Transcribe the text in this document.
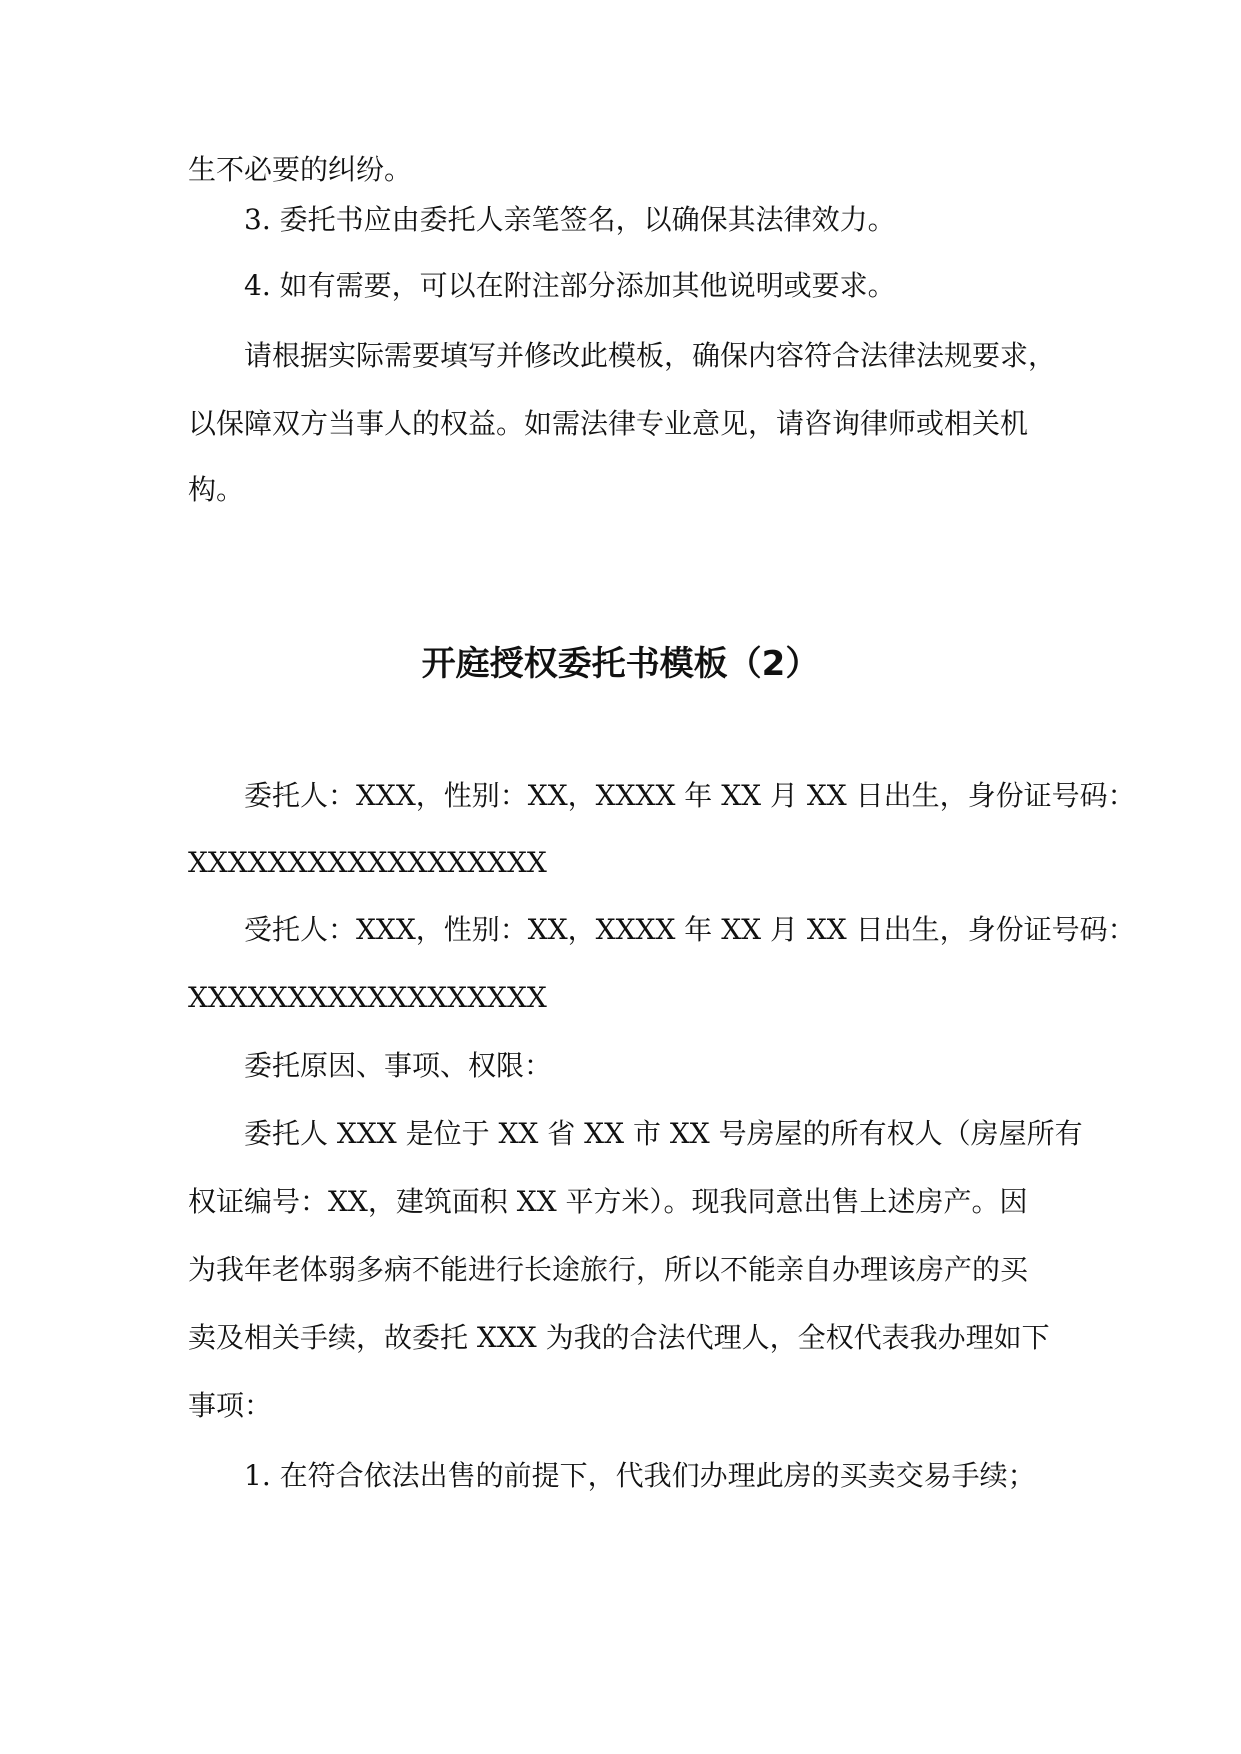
生不必要的纠纷。

3. 委托书应由委托人亲笔签名，以确保其法律效力。

4. 如有需要，可以在附注部分添加其他说明或要求。

请根据实际需要填写并修改此模板，确保内容符合法律法规要求，

以保障双方当事人的权益。如需法律专业意见，请咨询律师或相关机

构。

开庭授权委托书模板（2）

委托人：XXX，性别：XX，XXXX 年 XX 月 XX 日出生，身份证号码：

XXXXXXXXXXXXXXXXXX

受托人：XXX，性别：XX，XXXX 年 XX 月 XX 日出生，身份证号码：

XXXXXXXXXXXXXXXXXX

委托原因、事项、权限：

委托人 XXX 是位于 XX 省 XX 市 XX 号房屋的所有权人（房屋所有

权证编号：XX，建筑面积 XX 平方米）。现我同意出售上述房产。因

为我年老体弱多病不能进行长途旅行，所以不能亲自办理该房产的买

卖及相关手续，故委托 XXX 为我的合法代理人，全权代表我办理如下

事项：

1. 在符合依法出售的前提下，代我们办理此房的买卖交易手续；
